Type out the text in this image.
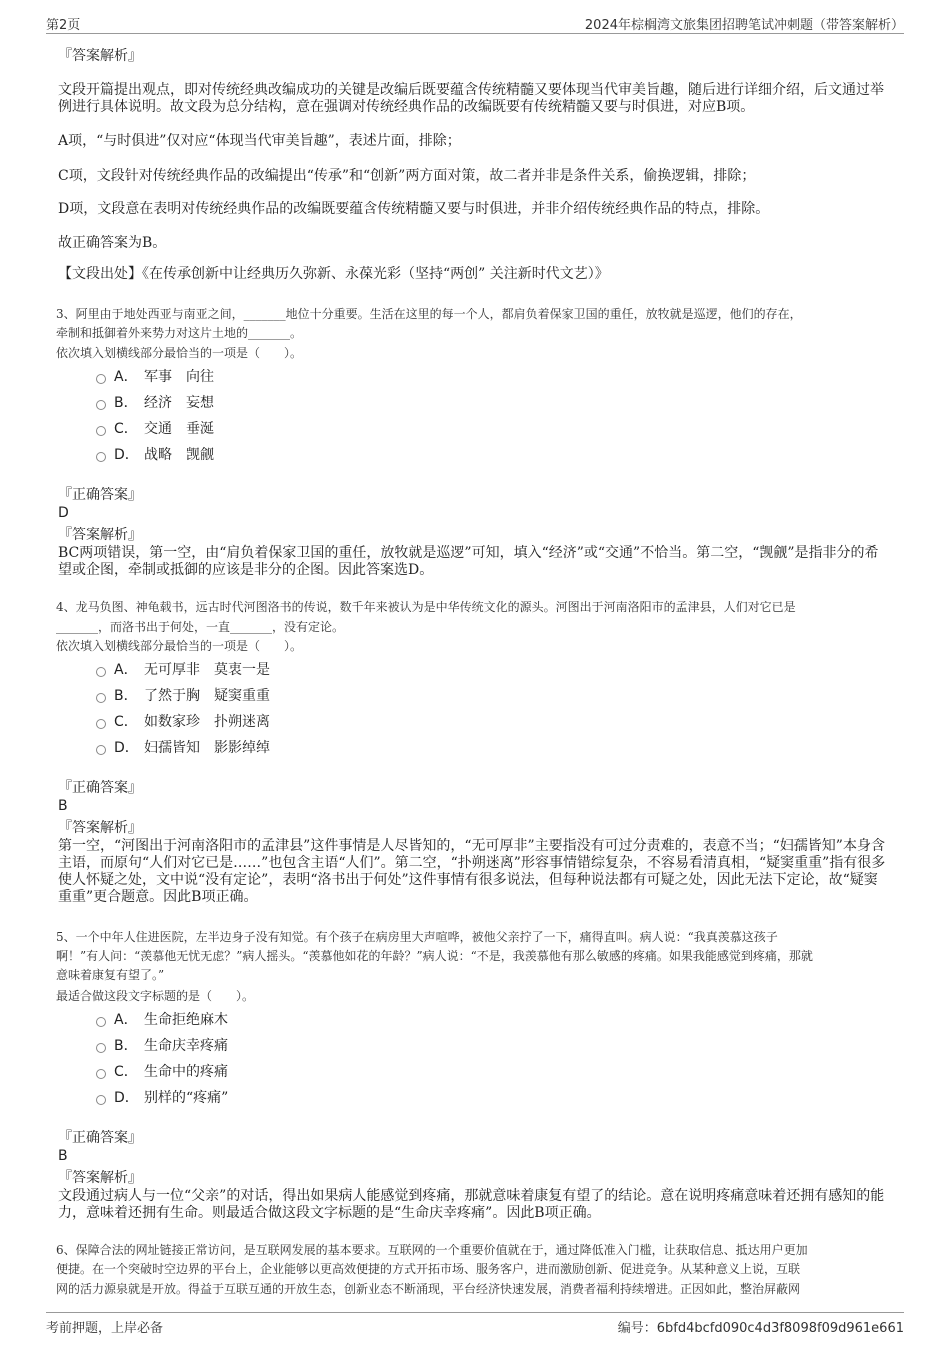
第2页	2024年棕榈湾文旅集团招聘笔试冲刺题（带答案解析）
『答案解析』
文段开篇提出观点，即对传统经典改编成功的关键是改编后既要蕴含传统精髓又要体现当代审美旨趣，随后进行详细介绍，后文通过举例进行具体说明。故文段为总分结构，意在强调对传统经典作品的改编既要有传统精髓又要与时俱进，对应B项。
A项，“与时俱进”仅对应“体现当代审美旨趣”，表述片面，排除；
C项，文段针对传统经典作品的改编提出“传承”和“创新”两方面对策，故二者并非是条件关系，偷换逻辑，排除；
D项，文段意在表明对传统经典作品的改编既要蕴含传统精髓又要与时俱进，并非介绍传统经典作品的特点，排除。
故正确答案为B。
【文段出处】《在传承创新中让经典历久弥新、永葆光彩（坚持“两创” 关注新时代文艺）》
3、阿里由于地处西亚与南亚之间，_______地位十分重要。生活在这里的每一个人，都肩负着保家卫国的重任，放牧就是巡逻，他们的存在，
牵制和抵御着外来势力对这片土地的_______。
依次填入划横线部分最恰当的一项是（　　）。
A． 军事　向往
B． 经济　妄想
C． 交通　垂涎
D． 战略　觊觎
『正确答案』
D
『答案解析』
BC两项错误，第一空，由“肩负着保家卫国的重任，放牧就是巡逻”可知，填入“经济”或“交通”不恰当。第二空，“觊觎”是指非分的希望或企图，牵制或抵御的应该是非分的企图。因此答案选D。
4、龙马负图、神龟载书，远古时代河图洛书的传说，数千年来被认为是中华传统文化的源头。河图出于河南洛阳市的孟津县，人们对它已是
_______，而洛书出于何处，一直_______，没有定论。
依次填入划横线部分最恰当的一项是（　　）。
A． 无可厚非　莫衷一是
B． 了然于胸　疑窦重重
C． 如数家珍　扑朔迷离
D． 妇孺皆知　影影绰绰
『正确答案』
B
『答案解析』
第一空，“河图出于河南洛阳市的孟津县”这件事情是人尽皆知的，“无可厚非”主要指没有可过分责难的，表意不当；“妇孺皆知”本身含主语，而原句“人们对它已是……”也包含主语“人们”。第二空，“扑朔迷离”形容事情错综复杂，不容易看清真相，“疑窦重重”指有很多使人怀疑之处，文中说“没有定论”，表明“洛书出于何处”这件事情有很多说法，但每种说法都有可疑之处，因此无法下定论，故“疑窦重重”更合题意。因此B项正确。
5、一个中年人住进医院，左半边身子没有知觉。有个孩子在病房里大声喧哗，被他父亲拧了一下，痛得直叫。病人说：“我真羡慕这孩子
啊！”有人问：“羡慕他无忧无虑？”病人摇头。“羡慕他如花的年龄？”病人说：“不是，我羡慕他有那么敏感的疼痛。如果我能感觉到疼痛，那就
意味着康复有望了。”
最适合做这段文字标题的是（　　）。
A． 生命拒绝麻木
B． 生命庆幸疼痛
C． 生命中的疼痛
D． 别样的“疼痛”
『正确答案』
B
『答案解析』
文段通过病人与一位“父亲”的对话，得出如果病人能感觉到疼痛，那就意味着康复有望了的结论。意在说明疼痛意味着还拥有感知的能力，意味着还拥有生命。则最适合做这段文字标题的是“生命庆幸疼痛”。因此B项正确。
6、保障合法的网址链接正常访问，是互联网发展的基本要求。互联网的一个重要价值就在于，通过降低准入门槛，让获取信息、抵达用户更加
便捷。在一个突破时空边界的平台上，企业能够以更高效便捷的方式开拓市场、服务客户，进而激励创新、促进竞争。从某种意义上说，互联
网的活力源泉就是开放。得益于互联互通的开放生态，创新业态不断涌现，平台经济快速发展，消费者福利持续增进。正因如此，整治屏蔽网
考前押题，上岸必备	编号：6bfd4bcfd090c4d3f8098f09d961e661
